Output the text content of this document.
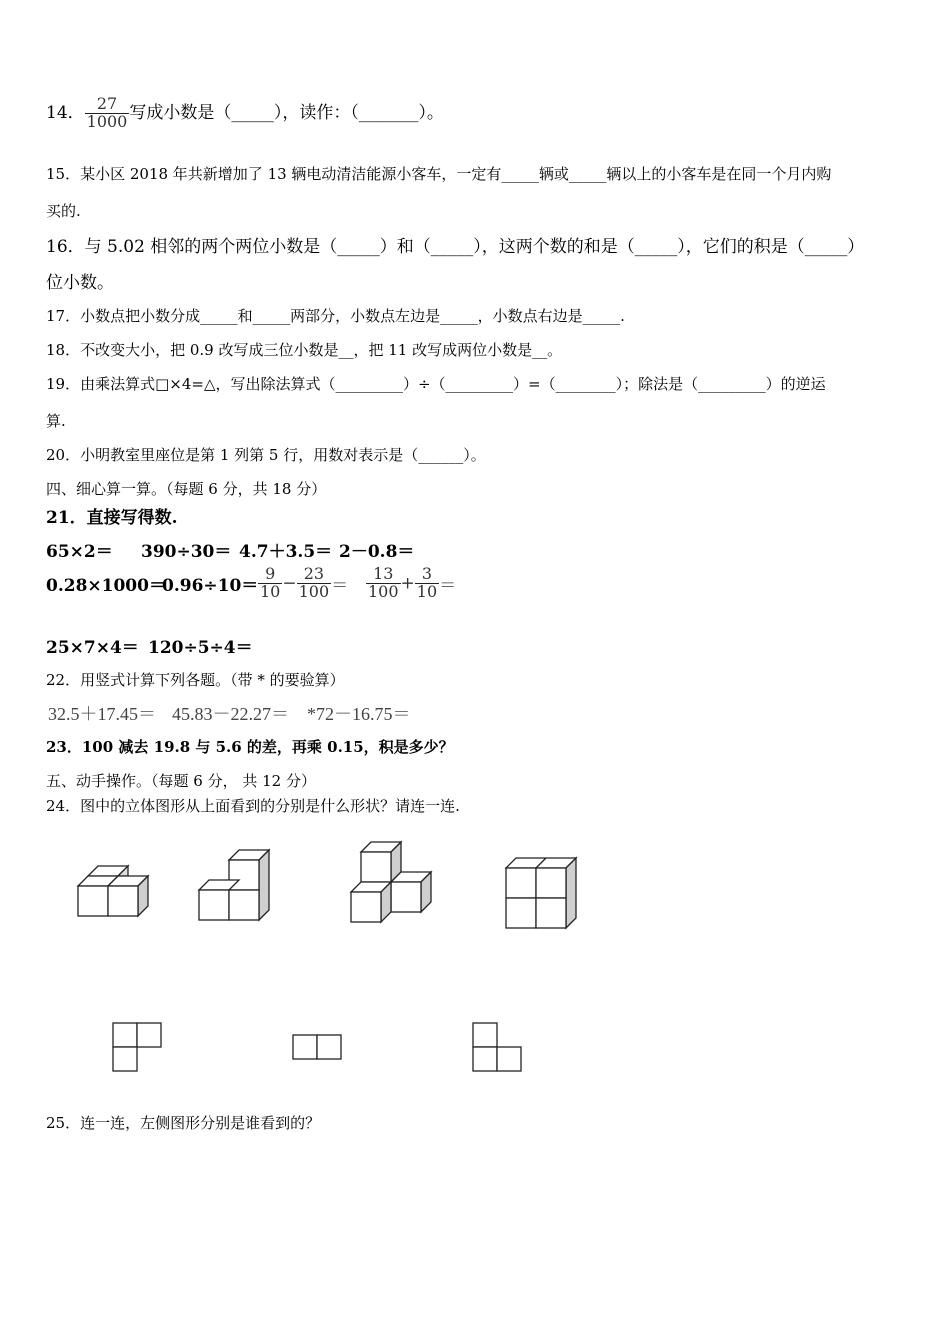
14． $\frac{27}{1000}$ 写成小数是（_____），读作：（_______）。
15．某小区 2018 年共新增加了 13 辆电动清洁能源小客车，一定有_____辆或_____辆以上的小客车是在同一个月内购
买的.
16．与 5.02 相邻的两个两位小数是（_____）和（_____），这两个数的和是（_____），它们的积是（_____）
位小数。
17．小数点把小数分成_____和_____两部分，小数点左边是_____，小数点右边是_____.
18．不改变大小，把 0.9 改写成三位小数是__，把 11 改写成两位小数是__。
19．由乘法算式□×4=△，写出除法算式（_________）÷（_________）=（________）；除法是（_________）的逆运
算.
20．小明教室里座位是第 1 列第 5 行，用数对表示是（______）。
四、细心算一算。（每题 6 分，共 18 分）
21．直接写得数.
65×2＝ 390÷30＝ 4.7＋3.5＝ 2－0.8＝
$0.28\times 1000=0.96\div 10= \frac{9}{10} - \frac{23}{100} = \frac{13}{100} + \frac{3}{10}$ ＝
25×7×4＝ 120÷5÷4＝
22．用竖式计算下列各题。（带 * 的要验算）
32.5＋17.45＝ 45.83－22.27＝ *72－16.75＝
23．100 减去 19.8 与 5.6 的差，再乘 0.15，积是多少？
五、动手操作。（每题 6 分， 共 12 分）
24．图中的立体图形从上面看到的分别是什么形状？请连一连.
25．连一连，左侧图形分别是谁看到的？
